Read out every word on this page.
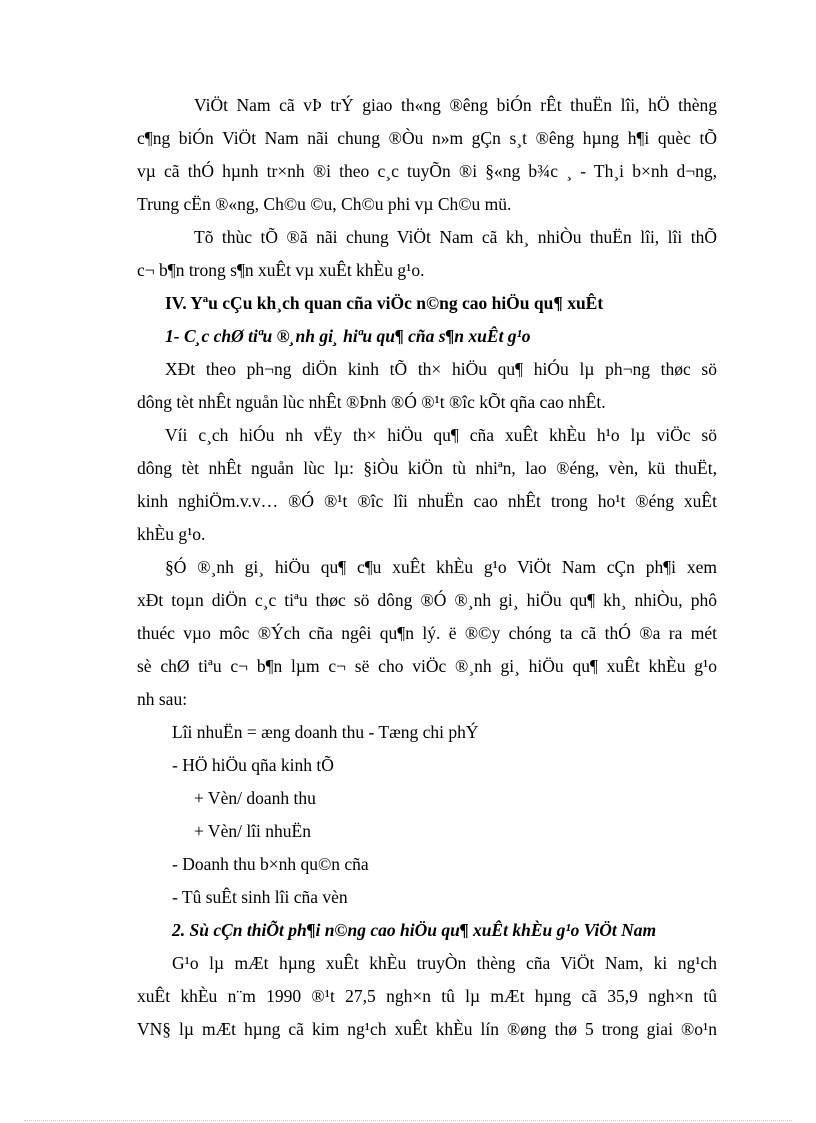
ViÖt Nam cã vÞ trÝ giao th«ng ®êng biÓn rÊt thuËn lîi, hÖ thèng
c¶ng biÓn ViÖt Nam nãi chung ®Òu n»m gÇn s¸t ®êng hµng h¶i quèc tÕ
vµ cã thÓ hµnh tr×nh ®i theo c¸c tuyÕn ®i §«ng b¾c ¸ - Th¸i b×nh d¬ng,
Trung cËn ®«ng, Ch©u ©u, Ch©u phi vµ Ch©u mü.
Tõ thùc tÕ ®ã nãi chung ViÖt Nam cã kh¸ nhiÒu thuËn lîi, lîi thÕ
c¬ b¶n trong s¶n xuÊt vµ xuÊt khÈu g¹o.
IV. Yªu cÇu kh¸ch quan cña viÖc n©ng cao hiÖu qu¶ xuÊt
1- C¸c chØ tiªu ®¸nh gi¸ hiªu qu¶ cña s¶n xuÊt g¹o
XÐt theo ph¬ng diÖn kinh tÕ th× hiÖu qu¶ hiÓu lµ ph¬ng thøc sö
dông tèt nhÊt nguån lùc nhÊt ®Þnh ®Ó ®¹t ®îc kÕt qña cao nhÊt.
Víi c¸ch hiÓu nh vËy th× hiÖu qu¶ cña xuÊt khÈu h¹o lµ viÖc sö
dông tèt nhÊt nguån lùc lµ: §iÒu kiÖn tù nhiªn, lao ®éng, vèn, kü thuËt,
kinh nghiÖm.v.v… ®Ó ®¹t ®îc lîi nhuËn cao nhÊt trong ho¹t ®éng xuÊt
khÈu g¹o.
§Ó ®¸nh gi¸ hiÖu qu¶ c¶u xuÊt khÈu g¹o ViÖt Nam cÇn ph¶i xem
xÐt toµn diÖn c¸c tiªu thøc sö dông ®Ó ®¸nh gi¸ hiÖu qu¶ kh¸ nhiÒu, phô
thuéc vµo môc ®Ých cña ngêi qu¶n lý. ë ®©y chóng ta cã thÓ ®a ra mét
sè chØ tiªu c¬ b¶n lµm c¬ së cho viÖc ®¸nh gi¸ hiÖu qu¶ xuÊt khÈu g¹o
nh sau:
Lîi nhuËn = æng doanh thu - Tæng chi phÝ
- HÖ hiÖu qña kinh tÕ
+ Vèn/ doanh thu
+ Vèn/ lîi nhuËn
- Doanh thu b×nh qu©n cña
- Tû suÊt sinh lîi cña vèn
2. Sù cÇn thiÕt ph¶i n©ng cao hiÖu qu¶ xuÊt khÈu g¹o ViÖt Nam
G¹o lµ mÆt hµng xuÊt khÈu truyÒn thèng cña ViÖt Nam, ki ng¹ch
xuÊt khÈu n¨m 1990 ®¹t 27,5 ngh×n tû lµ mÆt hµng cã 35,9 ngh×n tû
VN§ lµ mÆt hµng cã kim ng¹ch xuÊt khÈu lín ®øng thø 5 trong giai ®o¹n
